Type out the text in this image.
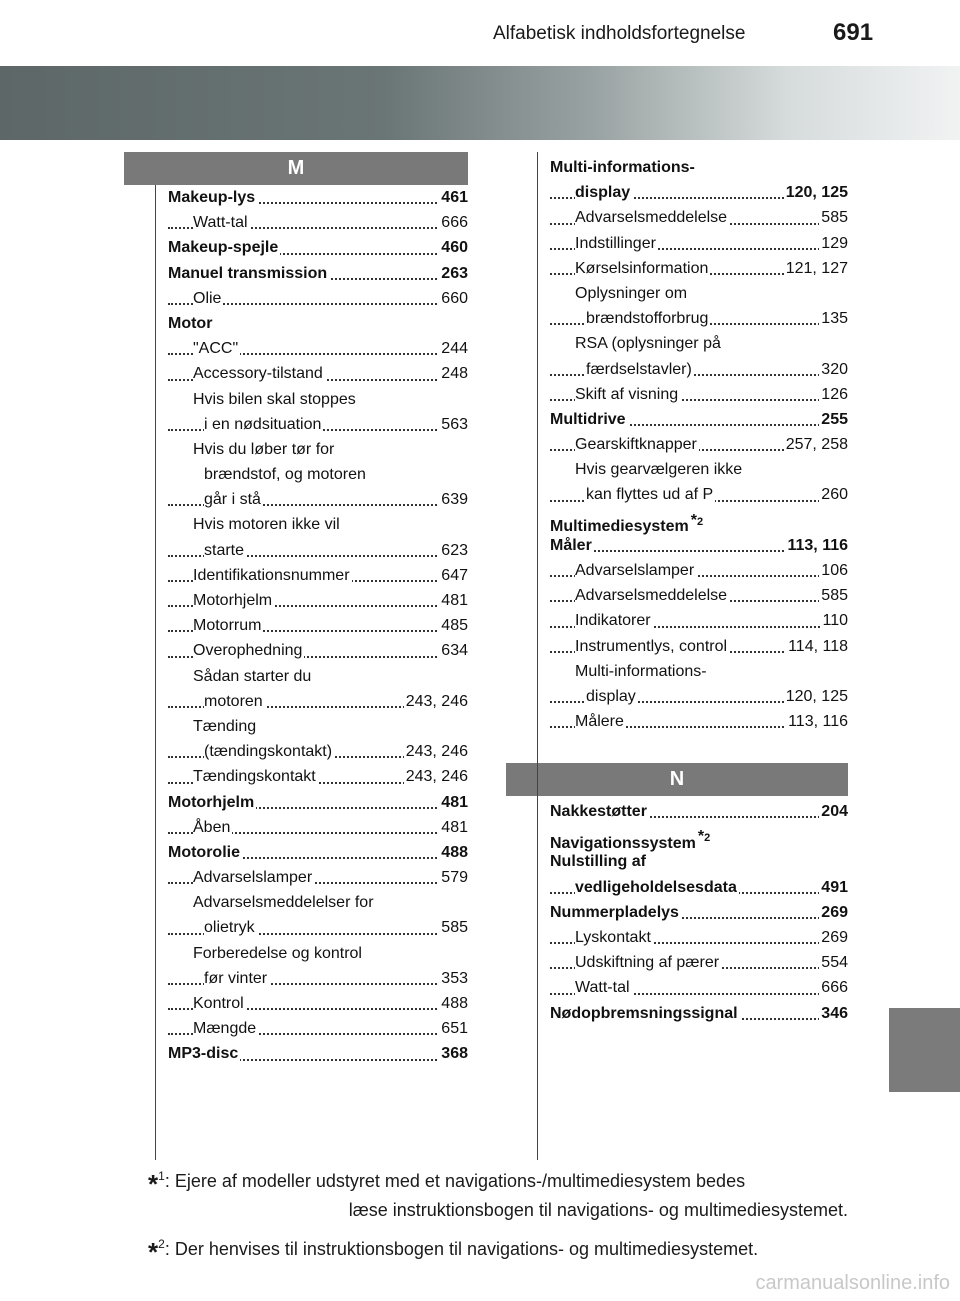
Alfabetisk indholdsfortegnelse	691
M
N
Makeup-lys	461
Watt-tal	666
Makeup-spejle	460
Manuel transmission	263
Olie	660
Motor
"ACC"	244
Accessory-tilstand	248
Hvis bilen skal stoppes
i en nødsituation	563
Hvis du løber tør for
brændstof, og motoren
går i stå	639
Hvis motoren ikke vil
starte	623
Identifikationsnummer	647
Motorhjelm	481
Motorrum	485
Overophedning	634
Sådan starter du
motoren	243, 246
Tænding
(tændingskontakt)	243, 246
Tændingskontakt	243, 246
Motorhjelm	481
Åben	481
Motorolie	488
Advarselslamper	579
Advarselsmeddelelser for
olietryk	585
Forberedelse og kontrol
før vinter	353
Kontrol	488
Mængde	651
MP3-disc	368
Multi-informations-
display	120, 125
Advarselsmeddelelse	585
Indstillinger	129
Kørselsinformation	121, 127
Oplysninger om
brændstofforbrug	135
RSA (oplysninger på
færdselstavler)	320
Skift af visning	126
Multidrive	255
Gearskiftknapper	257, 258
Hvis gearvælgeren ikke
kan flyttes ud af P	260
Multimediesystem $^{*2}$
Måler	113, 116
Advarselslamper	106
Advarselsmeddelelse	585
Indikatorer	110
Instrumentlys, control	114, 118
Multi-informations-
display	120, 125
Målere	113, 116
Nakkestøtter	204
Navigationssystem $^{*2}$
Nulstilling af
vedligeholdelsesdata	491
Nummerpladelys	269
Lyskontakt	269
Udskiftning af pærer	554
Watt-tal	666
Nødopbremsningssignal	346
*$^1$: Ejere af modeller udstyret med et navigations-/multimediesystem bedes
læse instruktionsbogen til navigations- og multimediesystemet.
*$^2$: Der henvises til instruktionsbogen til navigations- og multimediesystemet.
carmanualsonline.info
